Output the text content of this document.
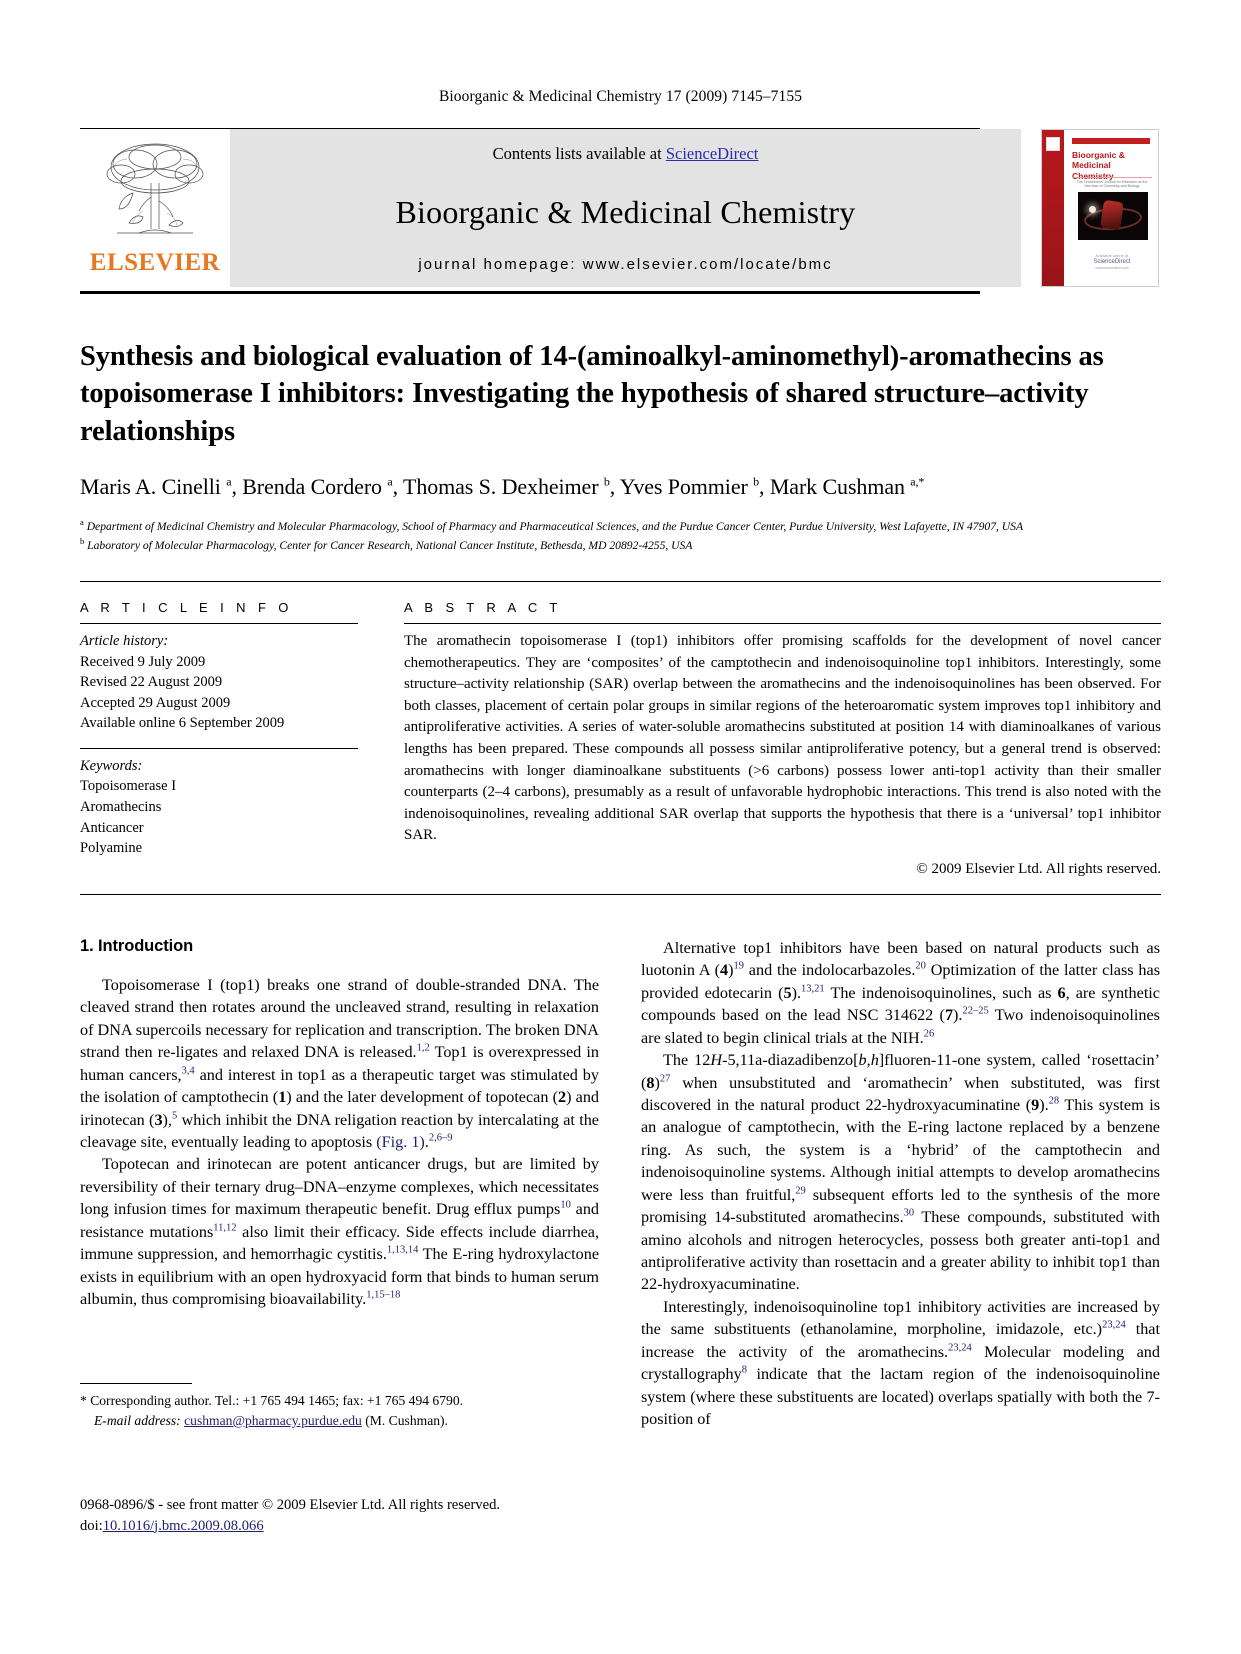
Bioorganic & Medicinal Chemistry 17 (2009) 7145–7155
ELSEVIER
Contents lists available at ScienceDirect
Bioorganic & Medicinal Chemistry
journal homepage: www.elsevier.com/locate/bmc
Bioorganic & Medicinal Chemistry
The Tetrahedron Journal for Research at the Interface of Chemistry and Biology
Available online at
ScienceDirect
www.sciencedirect.com
Synthesis and biological evaluation of 14-(aminoalkyl-aminomethyl)-aromathecins as topoisomerase I inhibitors: Investigating the hypothesis of shared structure–activity relationships
Maris A. Cinelli $^a$, Brenda Cordero $^a$, Thomas S. Dexheimer $^b$, Yves Pommier $^b$, Mark Cushman $^{a,*}$

$^a$ Department of Medicinal Chemistry and Molecular Pharmacology, School of Pharmacy and Pharmaceutical Sciences, and the Purdue Cancer Center, Purdue University, West Lafayette, IN 47907, USA

$^b$ Laboratory of Molecular Pharmacology, Center for Cancer Research, National Cancer Institute, Bethesda, MD 20892-4255, USA

A R T I C L E I N F O
Article history:
Received 9 July 2009
Revised 22 August 2009
Accepted 29 August 2009
Available online 6 September 2009
Keywords:
Topoisomerase I
Aromathecins
Anticancer
Polyamine
A B S T R A C T
The aromathecin topoisomerase I (top1) inhibitors offer promising scaffolds for the development of novel cancer chemotherapeutics. They are ‘composites’ of the camptothecin and indenoisoquinoline top1 inhibitors. Interestingly, some structure–activity relationship (SAR) overlap between the aromathecins and the indenoisoquinolines has been observed. For both classes, placement of certain polar groups in similar regions of the heteroaromatic system improves top1 inhibitory and antiproliferative activities. A series of water-soluble aromathecins substituted at position 14 with diaminoalkanes of various lengths has been prepared. These compounds all possess similar antiproliferative potency, but a general trend is observed: aromathecins with longer diaminoalkane substituents (>6 carbons) possess lower anti-top1 activity than their smaller counterparts (2–4 carbons), presumably as a result of unfavorable hydrophobic interactions. This trend is also noted with the indenoisoquinolines, revealing additional SAR overlap that supports the hypothesis that there is a ‘universal’ top1 inhibitor SAR.
© 2009 Elsevier Ltd. All rights reserved.
1. Introduction

Topoisomerase I (top1) breaks one strand of double-stranded DNA. The cleaved strand then rotates around the uncleaved strand, resulting in relaxation of DNA supercoils necessary for replication and transcription. The broken DNA strand then re-ligates and relaxed DNA is released.$^{1,2}$ Top1 is overexpressed in human cancers,$^{3,4}$ and interest in top1 as a therapeutic target was stimulated by the isolation of camptothecin (1) and the later development of topotecan (2) and irinotecan (3),$^5$ which inhibit the DNA religation reaction by intercalating at the cleavage site, eventually leading to apoptosis (Fig. 1).$^{2,6-9}$

Topotecan and irinotecan are potent anticancer drugs, but are limited by reversibility of their ternary drug–DNA–enzyme complexes, which necessitates long infusion times for maximum therapeutic benefit. Drug efflux pumps$^{10}$ and resistance mutations$^{11,12}$ also limit their efficacy. Side effects include diarrhea, immune suppression, and hemorrhagic cystitis.$^{1,13,14}$ The E-ring hydroxylactone exists in equilibrium with an open hydroxyacid form that binds to human serum albumin, thus compromising bioavailability.$^{1,15-18}$

* Corresponding author. Tel.: +1 765 494 1465; fax: +1 765 494 6790.
E-mail address: cushman@pharmacy.purdue.edu (M. Cushman).

Alternative top1 inhibitors have been based on natural products such as luotonin A (4)$^{19}$ and the indolocarbazoles.$^{20}$ Optimization of the latter class has provided edotecarin (5).$^{13,21}$ The indenoisoquinolines, such as 6, are synthetic compounds based on the lead NSC 314622 (7).$^{22-25}$ Two indenoisoquinolines are slated to begin clinical trials at the NIH.$^{26}$

The 12H-5,11a-diazadibenzo[b,h]fluoren-11-one system, called ‘rosettacin’ (8)$^{27}$ when unsubstituted and ‘aromathecin’ when substituted, was first discovered in the natural product 22-hydroxyacuminatine (9).$^{28}$ This system is an analogue of camptothecin, with the E-ring lactone replaced by a benzene ring. As such, the system is a ‘hybrid’ of the camptothecin and indenoisoquinoline systems. Although initial attempts to develop aromathecins were less than fruitful,$^{29}$ subsequent efforts led to the synthesis of the more promising 14-substituted aromathecins.$^{30}$ These compounds, substituted with amino alcohols and nitrogen heterocycles, possess both greater anti-top1 and antiproliferative activity than rosettacin and a greater ability to inhibit top1 than 22-hydroxyacuminatine.

Interestingly, indenoisoquinoline top1 inhibitory activities are increased by the same substituents (ethanolamine, morpholine, imidazole, etc.)$^{23,24}$ that increase the activity of the aromathecins.$^{23,24}$ Molecular modeling and crystallography$^8$ indicate that the lactam region of the indenoisoquinoline system (where these substituents are located) overlaps spatially with both the 7-position of

0968-0896/$ - see front matter © 2009 Elsevier Ltd. All rights reserved.
doi:10.1016/j.bmc.2009.08.066
